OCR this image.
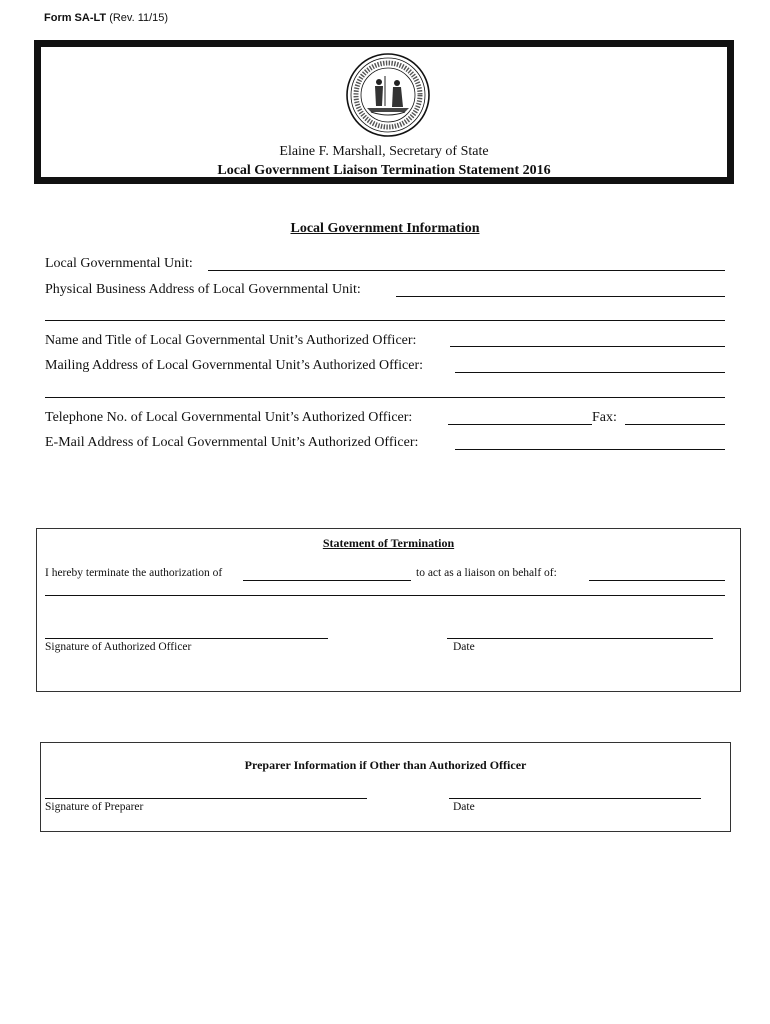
Form SA-LT (Rev. 11/15)
Elaine F. Marshall, Secretary of State
Local Government Liaison Termination Statement 2016
Local Government Information
Local Governmental Unit:
Physical Business Address of Local Governmental Unit:
Name and Title of Local Governmental Unit’s Authorized Officer:
Mailing Address of Local Governmental Unit’s Authorized Officer:
Telephone No. of Local Governmental Unit’s Authorized Officer:	Fax:
E-Mail Address of Local Governmental Unit’s Authorized Officer:
Statement of Termination
I hereby terminate the authorization of	to act as a liaison on behalf of:
Signature of Authorized Officer	Date
Preparer Information if Other than Authorized Officer
Signature of Preparer	Date
